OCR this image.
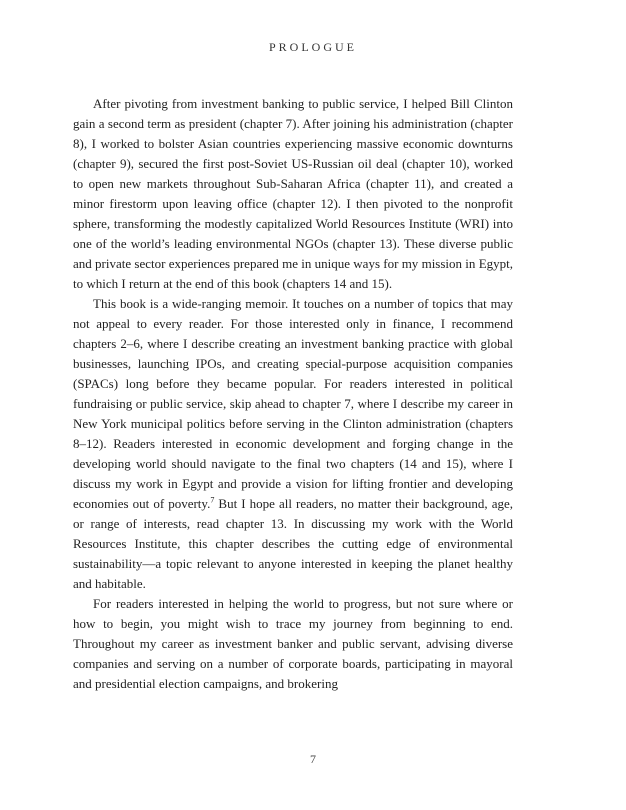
PROLOGUE

After pivoting from investment banking to public service, I helped Bill Clinton gain a second term as president (chapter 7). After joining his administration (chapter 8), I worked to bolster Asian countries experiencing massive economic downturns (chapter 9), secured the first post-Soviet US-Russian oil deal (chapter 10), worked to open new markets throughout Sub-Saharan Africa (chapter 11), and created a minor firestorm upon leaving office (chapter 12). I then pivoted to the nonprofit sphere, transforming the modestly capitalized World Resources Institute (WRI) into one of the world’s leading environmental NGOs (chapter 13). These diverse public and private sector experiences prepared me in unique ways for my mission in Egypt, to which I return at the end of this book (chapters 14 and 15).

This book is a wide-ranging memoir. It touches on a number of topics that may not appeal to every reader. For those interested only in finance, I recommend chapters 2–6, where I describe creating an investment banking practice with global businesses, launching IPOs, and creating special-purpose acquisition companies (SPACs) long before they became popular. For readers interested in political fundraising or public service, skip ahead to chapter 7, where I describe my career in New York municipal politics before serving in the Clinton administration (chapters 8–12). Readers interested in economic development and forging change in the developing world should navigate to the final two chapters (14 and 15), where I discuss my work in Egypt and provide a vision for lifting frontier and developing economies out of poverty.$^7$ But I hope all readers, no matter their background, age, or range of interests, read chapter 13. In discussing my work with the World Resources Institute, this chapter describes the cutting edge of environmental sustainability—a topic relevant to anyone interested in keeping the planet healthy and habitable.

For readers interested in helping the world to progress, but not sure where or how to begin, you might wish to trace my journey from beginning to end. Throughout my career as investment banker and public servant, advising diverse companies and serving on a number of corporate boards, participating in mayoral and presidential election campaigns, and brokering

7
